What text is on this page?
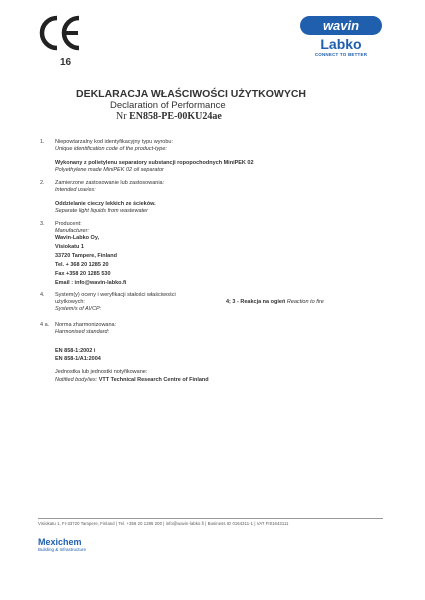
16
wavin
Labko
CONNECT TO BETTER
DEKLARACJA WŁAŚCIWOŚCI UŻYTKOWYCH
Declaration of Performance
Nr EN858-PE-00KU24ae
1. Niepowtarzalny kod identyfikacyjny typu wyrobu:
Unique identification code of the product-type:
Wykonany z polietylenu separatory substancji ropopochodnych MiniPEK 02
Polyethylene made MiniPEK 02 oil separator
2. Zamierzone zastosowanie lub zastosowania:
Intended use/es:
Oddzielanie cieczy lekkich ze ścieków.
Separate light liquids from wastewater
3. Producent:
Manufacturer:
Wavin-Labko Oy,
Visiokatu 1
33720 Tampere, Finland
Tel. + 368 20 1285 20
Fax +358 20 1285 530
Email : info@wavin-labko.fi
4. System(y) oceny i weryfikacji stałości właściwości
użytkowych:
System/s of AVCP:
4; 3 - Reakcja na ogień Reaction to fire
4 a. Norma zharmonizowana:
Harmonised standard:
EN 858-1:2002 i
EN 858-1/A1:2004
Jednostka lub jednostki notyfikowane:
Notified body/ies: VTT Technical Research Centre of Finland
Visiokatu 1, FI-33720 Tampere, Finland | Tel. +358 20 1285 200 | info@wavin-labko.fi | Business ID 0164311-1 | VAT FI01643111
Mexichem
Building & Infrastructure
